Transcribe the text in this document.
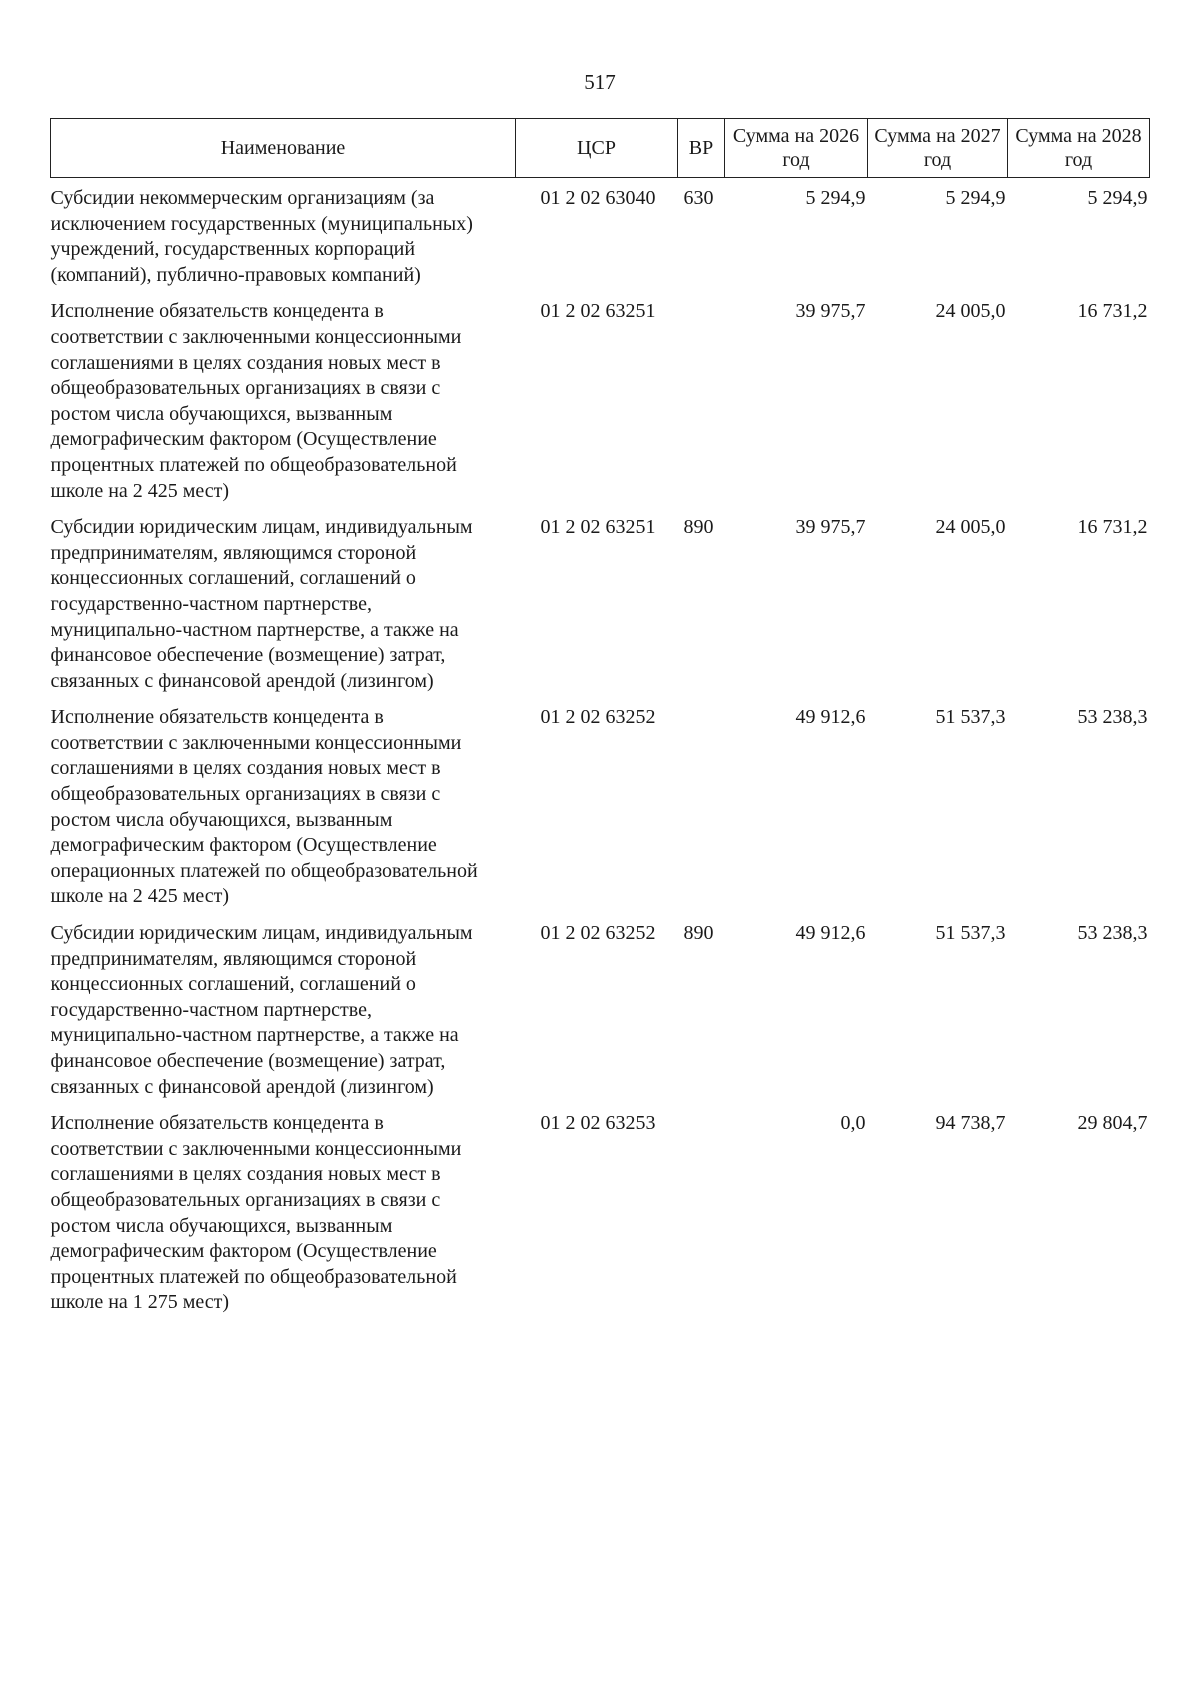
517
Наименование	ЦСР	ВР	Сумма на 2026 год	Сумма на 2027 год	Сумма на 2028 год
Субсидии некоммерческим организациям (за исключением государственных (муниципальных) учреждений, государственных корпораций (компаний), публично-правовых компаний)	01 2 02 63040	630	5 294,9	5 294,9	5 294,9
Исполнение обязательств концедента в соответствии с заключенными концессионными соглашениями в целях создания новых мест в общеобразовательных организациях в связи с ростом числа обучающихся, вызванным демографическим фактором (Осуществление процентных платежей по общеобразовательной школе на 2 425 мест)	01 2 02 63251		39 975,7	24 005,0	16 731,2
Субсидии юридическим лицам, индивидуальным предпринимателям, являющимся стороной концессионных соглашений, соглашений о государственно-частном партнерстве, муниципально-частном партнерстве, а также на финансовое обеспечение (возмещение) затрат, связанных с финансовой арендой (лизингом)	01 2 02 63251	890	39 975,7	24 005,0	16 731,2
Исполнение обязательств концедента в соответствии с заключенными концессионными соглашениями в целях создания новых мест в общеобразовательных организациях в связи с ростом числа обучающихся, вызванным демографическим фактором (Осуществление операционных платежей по общеобразовательной школе на 2 425 мест)	01 2 02 63252		49 912,6	51 537,3	53 238,3
Субсидии юридическим лицам, индивидуальным предпринимателям, являющимся стороной концессионных соглашений, соглашений о государственно-частном партнерстве, муниципально-частном партнерстве, а также на финансовое обеспечение (возмещение) затрат, связанных с финансовой арендой (лизингом)	01 2 02 63252	890	49 912,6	51 537,3	53 238,3
Исполнение обязательств концедента в соответствии с заключенными концессионными соглашениями в целях создания новых мест в общеобразовательных организациях в связи с ростом числа обучающихся, вызванным демографическим фактором (Осуществление процентных платежей по общеобразовательной школе на 1 275 мест)	01 2 02 63253		0,0	94 738,7	29 804,7
